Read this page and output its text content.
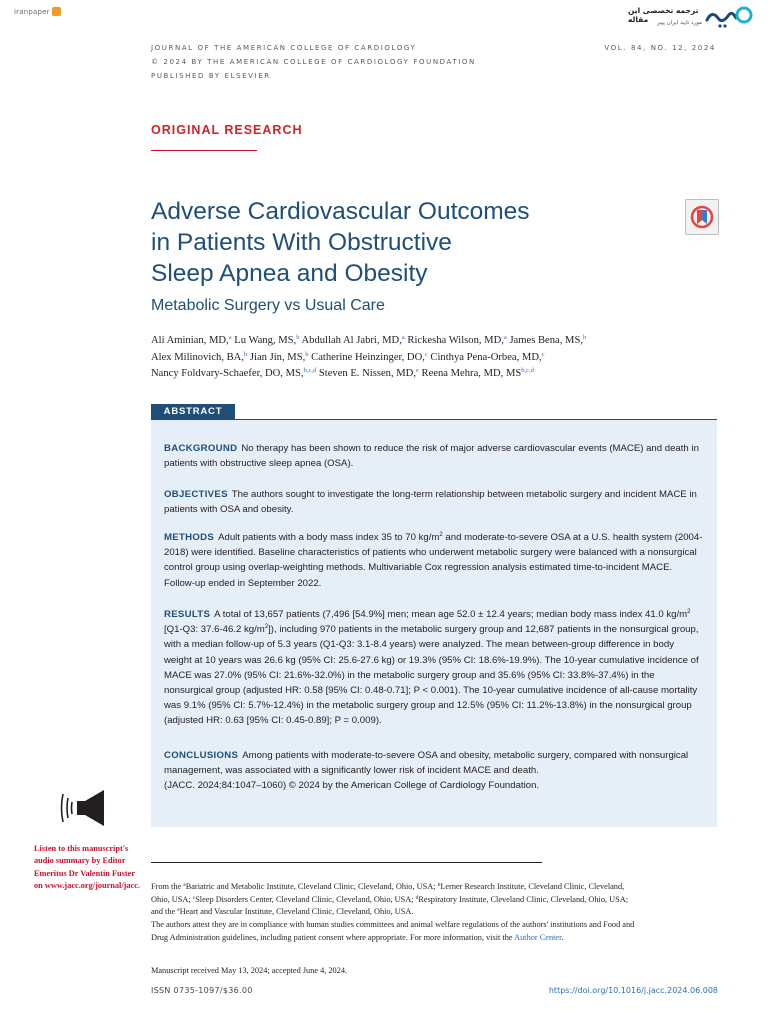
iranpaper	ترجمه تخصصی این مقاله	مورد تایید ایران پیپر
JOURNAL OF THE AMERICAN COLLEGE OF CARDIOLOGY
© 2024 BY THE AMERICAN COLLEGE OF CARDIOLOGY FOUNDATION
PUBLISHED BY ELSEVIER
VOL. 84, NO. 12, 2024
ORIGINAL RESEARCH
Adverse Cardiovascular Outcomes
in Patients With Obstructive
Sleep Apnea and Obesity
Metabolic Surgery vs Usual Care
Ali Aminian, MD,$^a$ Lu Wang, MS,$^b$ Abdullah Al Jabri, MD,$^a$ Rickesha Wilson, MD,$^a$ James Bena, MS,$^b$
Alex Milinovich, BA,$^b$ Jian Jin, MS,$^b$ Catherine Heinzinger, DO,$^c$ Cinthya Pena-Orbea, MD,$^c$
Nancy Foldvary-Schaefer, DO, MS,$^{b,c,d}$ Steven E. Nissen, MD,$^e$ Reena Mehra, MD, MS$^{b,c,d}$
ABSTRACT
BACKGROUND No therapy has been shown to reduce the risk of major adverse cardiovascular events (MACE) and death in patients with obstructive sleep apnea (OSA).
OBJECTIVES The authors sought to investigate the long-term relationship between metabolic surgery and incident MACE in patients with OSA and obesity.
METHODS Adult patients with a body mass index 35 to 70 $kg/m^2$ and moderate-to-severe OSA at a U.S. health system (2004-2018) were identified. Baseline characteristics of patients who underwent metabolic surgery were balanced with a nonsurgical control group using overlap-weighting methods. Multivariable Cox regression analysis estimated time-to-incident MACE. Follow-up ended in September 2022.
RESULTS A total of 13,657 patients (7,496 [54.9%] men; mean age 52.0 ± 12.4 years; median body mass index 41.0 $kg/m^2$ [Q1-Q3: 37.6-46.2 $kg/m^2$]), including 970 patients in the metabolic surgery group and 12,687 patients in the nonsurgical group, with a median follow-up of 5.3 years (Q1-Q3: 3.1-8.4 years) were analyzed. The mean between-group difference in body weight at 10 years was 26.6 kg (95% CI: 25.6-27.6 kg) or 19.3% (95% CI: 18.6%-19.9%). The 10-year cumulative incidence of MACE was 27.0% (95% CI: 21.6%-32.0%) in the metabolic surgery group and 35.6% (95% CI: 33.8%-37.4%) in the nonsurgical group (adjusted HR: 0.58 [95% CI: 0.48-0.71]; P < 0.001). The 10-year cumulative incidence of all-cause mortality was 9.1% (95% CI: 5.7%-12.4%) in the metabolic surgery group and 12.5% (95% CI: 11.2%-13.8%) in the nonsurgical group (adjusted HR: 0.63 [95% CI: 0.45-0.89]; P = 0.009).
CONCLUSIONS Among patients with moderate-to-severe OSA and obesity, metabolic surgery, compared with nonsurgical management, was associated with a significantly lower risk of incident MACE and death.
(JACC. 2024;84:1047–1060) © 2024 by the American College of Cardiology Foundation.
Listen to this manuscript's audio summary by Editor Emeritus Dr Valentin Fuster on www.jacc.org/journal/jacc.	From the $^a$Bariatric and Metabolic Institute, Cleveland Clinic, Cleveland, Ohio, USA; $^b$Lerner Research Institute, Cleveland Clinic, Cleveland, Ohio, USA; $^c$Sleep Disorders Center, Cleveland Clinic, Cleveland, Ohio, USA; $^d$Respiratory Institute, Cleveland Clinic, Cleveland, Ohio, USA; and the $^e$Heart and Vascular Institute, Cleveland Clinic, Cleveland, Ohio, USA.
The authors attest they are in compliance with human studies committees and animal welfare regulations of the authors' institutions and Food and Drug Administration guidelines, including patient consent where appropriate. For more information, visit the Author Center.
Manuscript received May 13, 2024; accepted June 4, 2024.
ISSN 0735-1097/$36.00	https://doi.org/10.1016/j.jacc.2024.06.008
